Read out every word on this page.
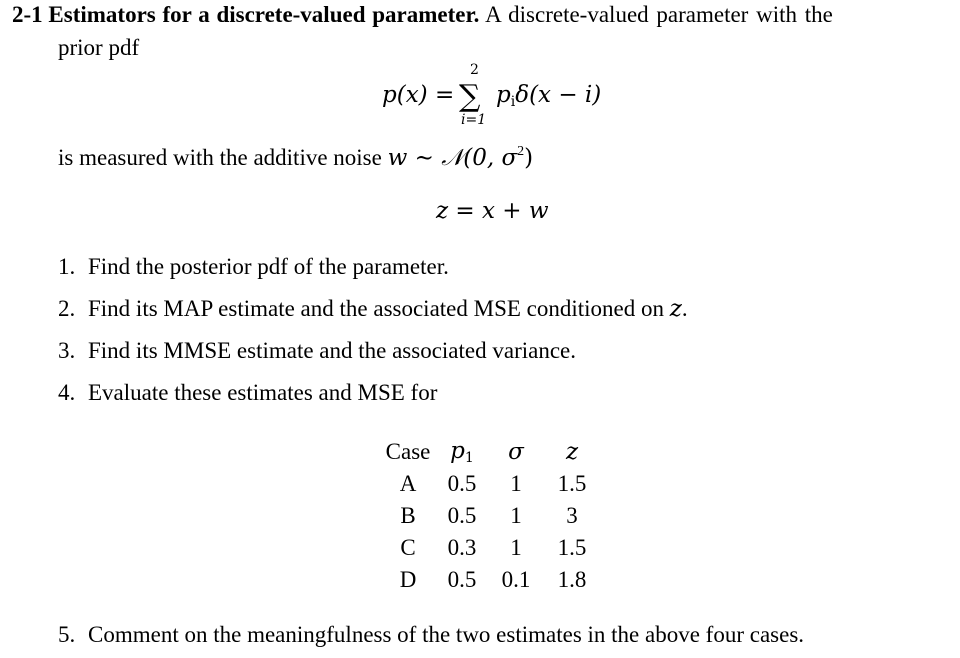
2-1 Estimators for a discrete-valued parameter. A discrete-valued parameter with the
prior pdf
p(x) =
2
∑
i=1
$p_i\delta(x - i)$
is measured with the additive noise w ∼ 𝒩(0, $\sigma^2$)
z = x + w
1. Find the posterior pdf of the parameter.
2. Find its MAP estimate and the associated MSE conditioned on z.
3. Find its MMSE estimate and the associated variance.
4. Evaluate these estimates and MSE for
Case	$p_1$	σ	z
A	0.5	1	1.5
B	0.5	1	3
C	0.3	1	1.5
D	0.5	0.1	1.8
5. Comment on the meaningfulness of the two estimates in the above four cases.
